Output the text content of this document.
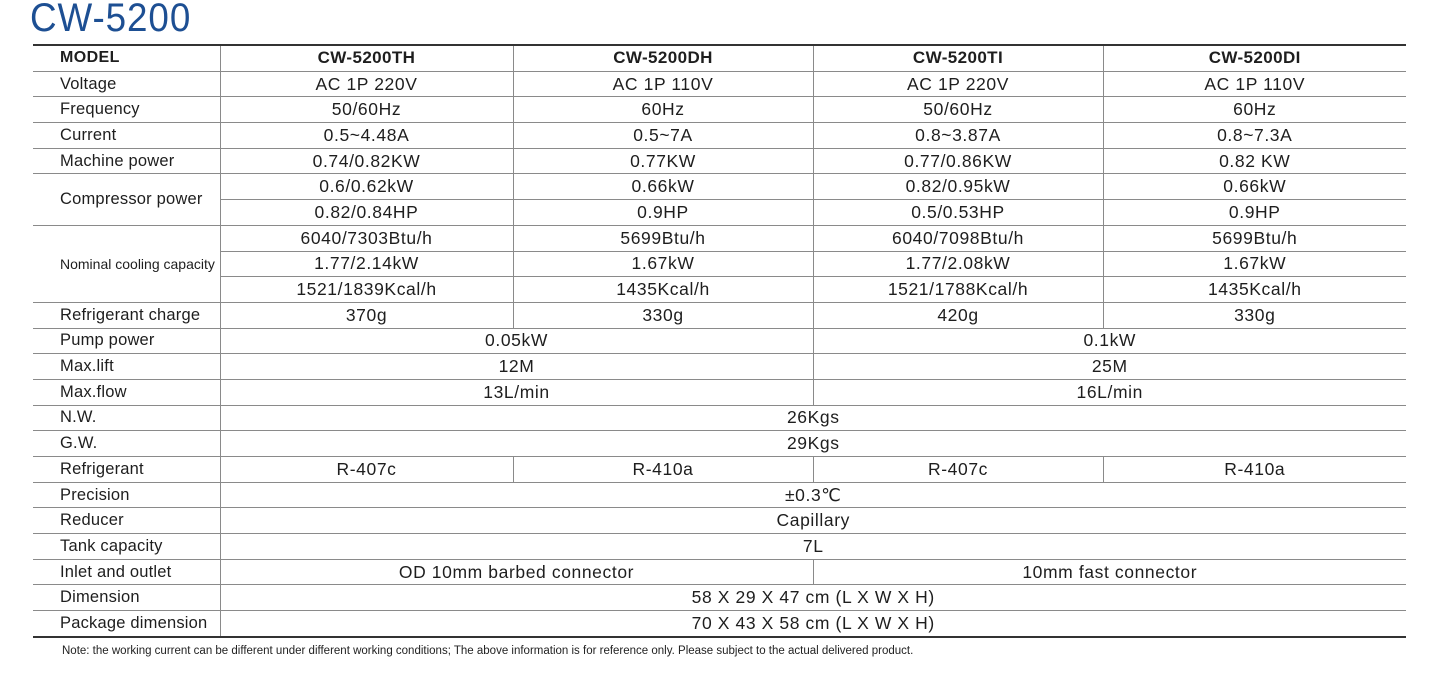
CW-5200
MODEL	CW-5200TH	CW-5200DH	CW-5200TI	CW-5200DI
Voltage	AC 1P 220V	AC 1P 110V	AC 1P 220V	AC 1P 110V
Frequency	50/60Hz	60Hz	50/60Hz	60Hz
Current	0.5~4.48A	0.5~7A	0.8~3.87A	0.8~7.3A
Machine power	0.74/0.82KW	0.77KW	0.77/0.86KW	0.82 KW
Compressor power	0.6/0.62kW	0.66kW	0.82/0.95kW	0.66kW
	0.82/0.84HP	0.9HP	0.5/0.53HP	0.9HP
Nominal cooling capacity	6040/7303Btu/h	5699Btu/h	6040/7098Btu/h	5699Btu/h
	1.77/2.14kW	1.67kW	1.77/2.08kW	1.67kW
	1521/1839Kcal/h	1435Kcal/h	1521/1788Kcal/h	1435Kcal/h
Refrigerant charge	370g	330g	420g	330g
Pump power	0.05kW		0.1kW	
Max.lift	12M		25M	
Max.flow	13L/min		16L/min	
N.W.	26Kgs			
G.W.	29Kgs			
Refrigerant	R-407c	R-410a	R-407c	R-410a
Precision	±0.3℃			
Reducer	Capillary			
Tank capacity	7L			
Inlet and outlet	OD 10mm barbed connector		10mm fast connector	
Dimension	58 X 29 X 47 cm (L X W X H)			
Package dimension	70 X 43 X 58 cm (L X W X H)			
Note: the working current can be different under different working conditions; The above information is for reference only. Please subject to the actual delivered product.
